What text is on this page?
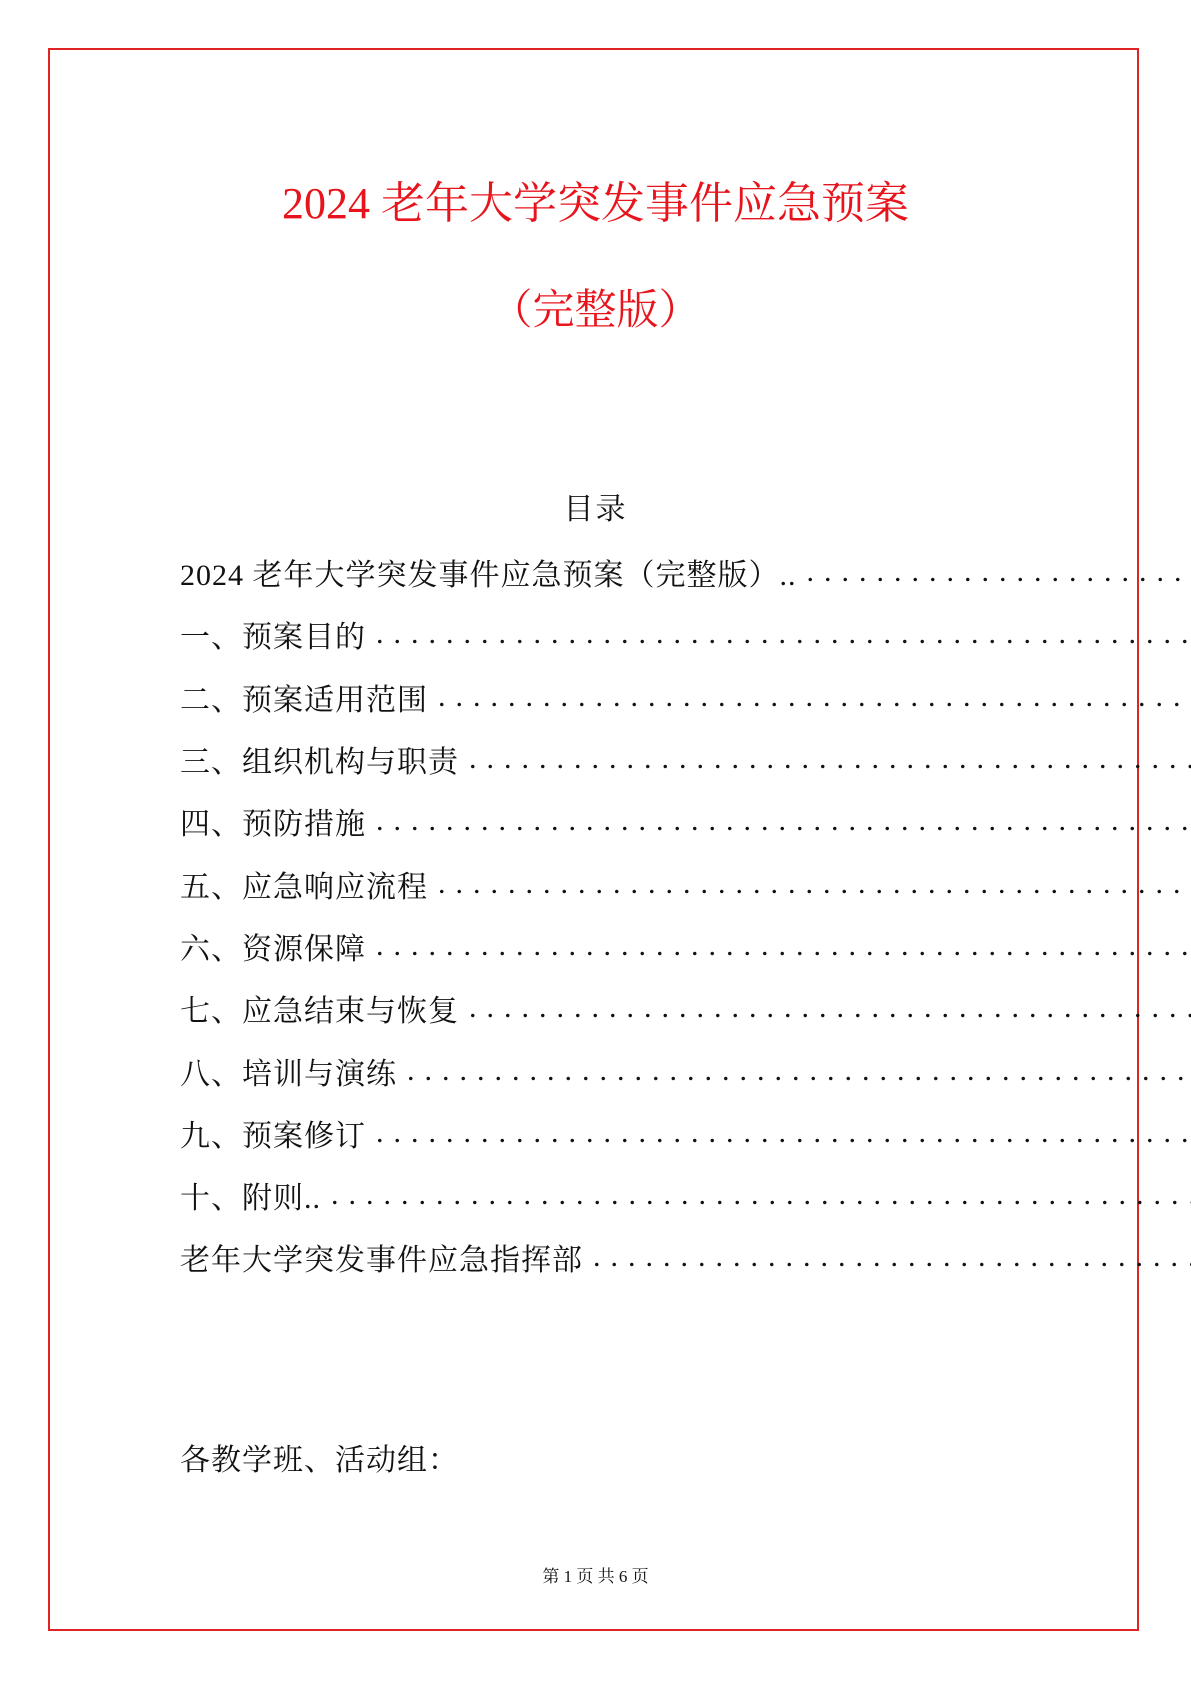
2024 老年大学突发事件应急预案
（完整版）
目录
2024 老年大学突发事件应急预案（完整版）..
.....
一、预案目的
.....
二、预案适用范围
.....
三、组织机构与职责
.....
四、预防措施
.....
五、应急响应流程
.....
六、资源保障
.....
七、应急结束与恢复
.....
八、培训与演练
.....
九、预案修订
.....
十、附则..
.....
老年大学突发事件应急指挥部
.....
各教学班、活动组：
第 1 页 共 6 页
